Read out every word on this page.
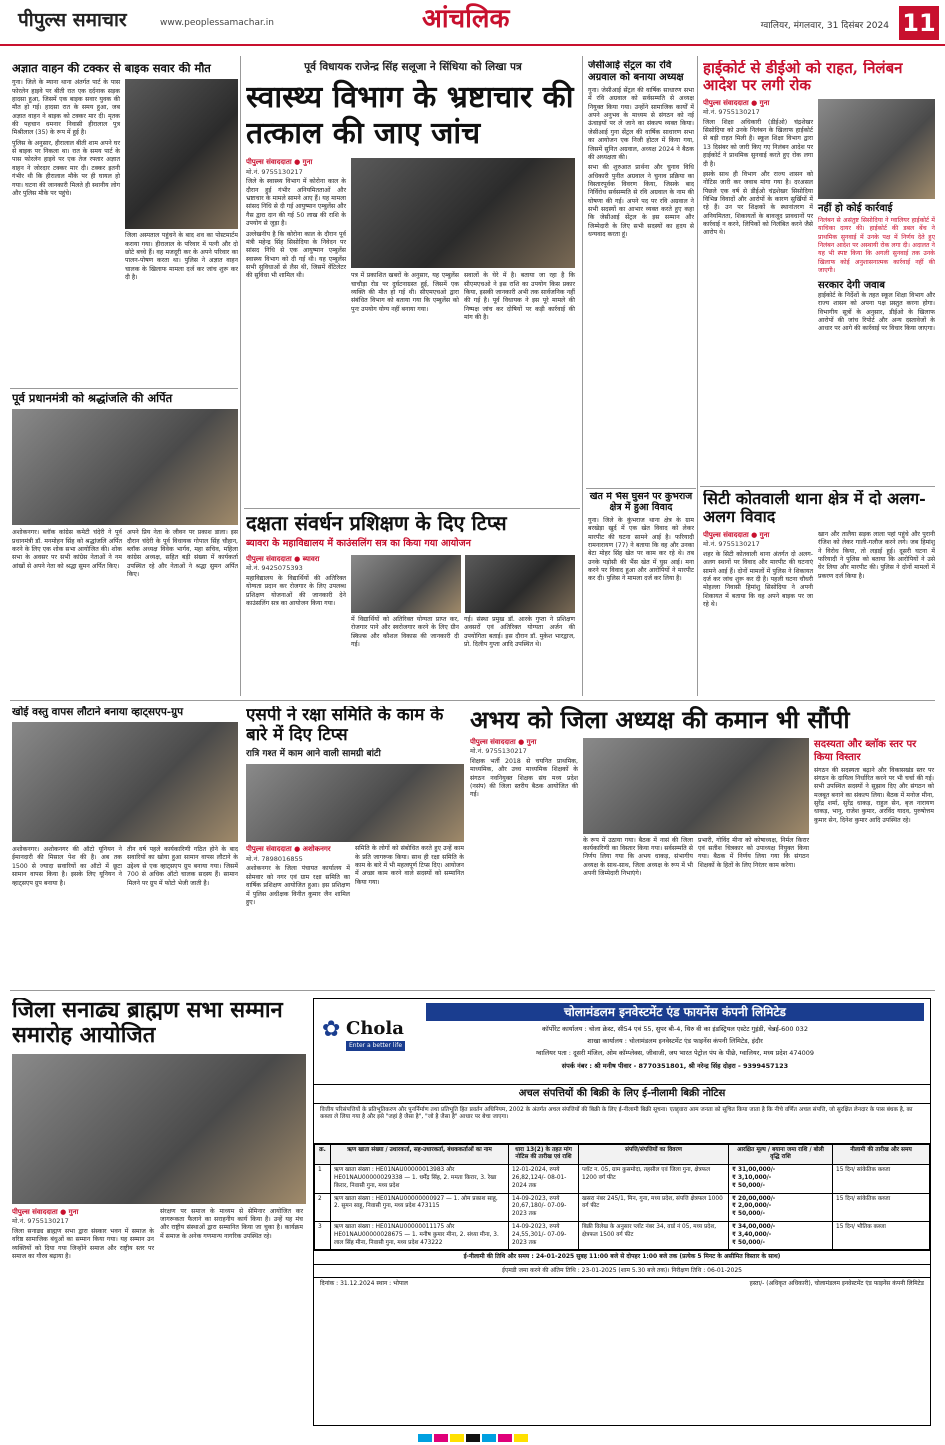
पीपुल्स समाचार	www.peoplessamachar.in	आंचलिक	ग्वालियर, मंगलवार, 31 दिसंबर 2024 11
अज्ञात वाहन की टक्कर से बाइक सवार की मौत
गुना। जिले के म्याना थाना अंतर्गत पार्ट के पास फोरलेन हाइवे पर बीती रात एक दर्दनाक सड़क हादसा हुआ, जिसमें एक बाइक सवार युवक की मौत हो गई। हादसा रात के समय हुआ, जब अज्ञात वाहन ने बाइक को टक्कर मार दी। मृतक की पहचान धमनार निवासी हीरालाल पुत्र मिश्रीलाल (35) के रूप में हुई है।
पुलिस के अनुसार, हीरालाल बीती शाम अपने घर से बाइक पर निकला था। रात के समय पार्ट के पास फोरलेन हाइवे पर एक तेज रफ्तार अज्ञात वाहन ने जोरदार टक्कर मार दी। टक्कर इतनी गंभीर थी कि हीरालाल मौके पर ही घायल हो गया। घटना की जानकारी मिलते ही स्थानीय लोग और पुलिस मौके पर पहुंचे।
जिला अस्पताल पहुंचने के बाद शव का पोस्टमार्टम कराया गया। हीरालाल के परिवार में पत्नी और दो छोटे बच्चे हैं। वह मजदूरी कर के अपने परिवार का पालन-पोषण करता था। पुलिस ने अज्ञात वाहन चालक के खिलाफ मामला दर्ज कर जांच शुरू कर दी है।
पूर्व प्रधानमंत्री को श्रद्धांजलि की अर्पित
अशोकनगर। ब्लॉक कांग्रेस कमेटी चंदेरी ने पूर्व प्रधानमंत्री डॉ. मनमोहन सिंह को श्रद्धांजलि अर्पित करने के लिए एक शोक सभा आयोजित की। शोक सभा के अवसर पर सभी कांग्रेस नेताओं ने नम आंखों से अपने नेता को श्रद्धा सुमन अर्पित किए।
अपने प्रिय नेता के जीवन पर प्रकाश डाला। इस दौरान चंदेरी के पूर्व विधायक गोपाल सिंह चौहान, ब्लॉक अध्यक्ष विवेक भार्गव, महा सचिव, महिला कांग्रेस अध्यक्ष, सहित बड़ी संख्या में कार्यकर्ता उपस्थित रहे और नेताओं ने श्रद्धा सुमन अर्पित किए।
पूर्व विधायक राजेन्द्र सिंह सलूजा ने सिंधिया को लिखा पत्र
स्वास्थ्य विभाग के भ्रष्टाचार की तत्काल की जाए जांच
पीपुल्स संवाददाता ● गुना
मो.नं. 9755130217
जिले के स्वास्थ्य विभाग में कोरोना काल के दौरान हुई गंभीर अनियमितताओं और भ्रष्टाचार के मामले सामने आए हैं। यह मामला सांसद निधि से दी गई आयुष्मान एम्बुलेंस और गैस द्वारा दान की गई 50 लाख की राशि के उपयोग से जुड़ा है।
उल्लेखनीय है कि कोरोना काल के दौरान पूर्व मंत्री महेन्द्र सिंह सिसोदिया के निवेदन पर सांसद निधि से एक आयुष्मान एम्बुलेंस स्वास्थ्य विभाग को दी गई थी। यह एम्बुलेंस सभी सुविधाओं से लैस थी, जिसमें वेंटिलेटर की सुविधा भी शामिल थी।	पत्र में प्रकाशित खबरों के अनुसार, यह एम्बुलेंस चाचौड़ा रोड पर दुर्घटनाग्रस्त हुई, जिसमें एक व्यक्ति की मौत हो गई थी। सीएमएचओ द्वारा संबंधित विभाग को बताया गया कि एम्बुलेंस को पुनः उपयोग योग्य नहीं बनाया गया।
सवालों के घेरे में है। बताया जा रहा है कि सीएमएचओ ने इस राशि का उपयोग किस प्रकार किया, इसकी जानकारी अभी तक सार्वजनिक नहीं की गई है। पूर्व विधायक ने इस पूरे मामले की निष्पक्ष जांच कर दोषियों पर कड़ी कार्रवाई की मांग की है।
जेसीआई सेंट्रल का रवि अग्रवाल को बनाया अध्यक्ष
गुना। जेसीआई सेंट्रल की वार्षिक साधारण सभा में रवि अग्रवाल को सर्वसम्मति से अध्यक्ष नियुक्त किया गया। उन्होंने सामाजिक कार्यों में अपने अनुभव के माध्यम से संगठन को नई ऊंचाइयों पर ले जाने का संकल्प व्यक्त किया। जेसीआई गुना सेंट्रल की वार्षिक साधारण सभा का आयोजन एक निजी होटल में किया गया, जिसमें सुनित अग्रवाल, अध्यक्ष 2024 ने बैठक की अध्यक्षता की।
सभा की शुरुआत प्रार्थना और चुनाव विधि अधिकारी पुनीत अग्रवाल ने चुनाव प्रक्रिया का विस्तारपूर्वक विवरण किया, जिसके बाद निर्विरोध सर्वसम्मति से रवि अग्रवाल के नाम की घोषणा की गई। अपने पद पर रवि अग्रवाल ने सभी सदस्यों का आभार व्यक्त करते हुए कहा कि जेसीआई सेंट्रल के इस सम्मान और जिम्मेदारी के लिए सभी सदस्यों का हृदय से धन्यवाद करता हूं।
हाईकोर्ट से डीईओ को राहत, निलंबन आदेश पर लगी रोक
पीपुल्स संवाददाता ● गुना
मो.नं. 9755130217
जिला शिक्षा अधिकारी (डीईओ) चंद्रशेखर सिसोदिया को उनके निलंबन के खिलाफ हाईकोर्ट से बड़ी राहत मिली है। स्कूल शिक्षा विभाग द्वारा 13 दिसंबर को जारी किए गए निलंबन आदेश पर हाईकोर्ट ने प्राथमिक सुनवाई करते हुए रोक लगा दी है।
इसके साथ ही विभाग और राज्य शासन को नोटिस जारी कर जवाब मांगा गया है। दरअसल पिछले एक वर्ष से डीईओ चंद्रशेखर सिसोदिया विभिन्न विवादों और आरोपों के कारण सुर्खियों में रहे हैं। उन पर शिक्षकों के स्थानांतरण में अनियमितता, शिकायतों के बावजूद प्रावधानों पर कार्रवाई न करने, लिपिकों को निलंबित करने जैसे आरोप थे।
नहीं हो कोई कार्रवाई
निलंबन से असंतुष्ट सिसोदिया ने ग्वालियर हाईकोर्ट में याचिका दायर की। हाईकोर्ट की डबल बेंच ने प्राथमिक सुनवाई में उनके पक्ष में निर्णय देते हुए निलंबन आदेश पर अस्थायी रोक लगा दी। अदालत ने यह भी स्पष्ट किया कि अगली सुनवाई तक उनके खिलाफ कोई अनुशासनात्मक कार्रवाई नहीं की जाएगी।
सरकार देगी जवाब
हाईकोर्ट के निर्देशों के तहत स्कूल शिक्षा विभाग और राज्य शासन को अपना पक्ष प्रस्तुत करना होगा। विभागीय सूत्रों के अनुसार, डीईओ के खिलाफ आरोपों की जांच रिपोर्ट और अन्य दस्तावेजों के आधार पर आगे की कार्रवाई पर विचार किया जाएगा।
दक्षता संवर्धन प्रशिक्षण के दिए टिप्स
ब्यावरा के महाविद्यालय में काउंसलिंग सत्र का किया गया आयोजन
पीपुल्स संवाददाता ● ब्यावरा
मो.नं. 9425075393
महाविद्यालय के विद्यार्थियों की अतिरिक्त योग्यता प्रदान कर रोजगार के लिए उपलब्ध प्रशिक्षण योजनाओं की जानकारी देने काउंसलिंग सत्र का आयोजन किया गया।
में विद्यार्थियों को अतिरिक्त योग्यता प्राप्त कर, रोजगार पाने और स्वरोजगार करने के लिए ग्रीन स्किल्स और कौशल विकास की जानकारी दी गई।
गई। संस्था प्रमुख डॉ. आरके गुप्ता ने प्रशिक्षण अवसरों एवं अतिरिक्त योग्यता अर्जन की उपयोगिता बताई। इस दौरान डॉ. मुकेश भारद्वाज, प्रो. दिलीप गुप्ता आदि उपस्थित थे।
खेत में भैंस घुसने पर कुंभराज क्षेत्र में हुआ विवाद
गुना। जिले के कुंभराज थाना क्षेत्र के ग्राम बरखेड़ा खुर्द में एक खेत विवाद को लेकर मारपीट की घटना सामने आई है। फरियादी रामनारायण (77) ने बताया कि वह और उनका बेटा मोहर सिंह खेत पर काम कर रहे थे। तब उनके पड़ोसी की भैंस खेत में घुस आई। मना करने पर विवाद हुआ और आरोपियों ने मारपीट कर दी। पुलिस ने मामला दर्ज कर लिया है।
सिटी कोतवाली थाना क्षेत्र में दो अलग-अलग विवाद
पीपुल्स संवाददाता ● गुना
मो.नं. 9755130217
शहर के सिटी कोतवाली थाना अंतर्गत दो अलग-अलग स्थानों पर विवाद और मारपीट की घटनाएं सामने आई हैं। दोनों मामलों में पुलिस ने शिकायत दर्ज कर जांच शुरू कर दी है। पहली घटना चौधरी मोहल्ला निवासी हिमांशु सिसोदिया ने अपनी शिकायत में बताया कि वह अपने बाइक पर जा रहे थे।
खान और तालैया सड़क लाला पहां पहुंचे और पुरानी रंजिश को लेकर गाली-गलौज करने लगे। जब हिमांशु ने विरोध किया, तो लड़ाई हुई। दूसरी घटना में फरियादी ने पुलिस को बताया कि आरोपियों ने उसे घेर लिया और मारपीट की। पुलिस ने दोनों मामलों में प्रकरण दर्ज किया है।
खोई वस्तु वापस लौटाने बनाया व्हाट्सएप-ग्रुप
अशोकनगर। अशोकनगर की ऑटो यूनियन ने ईमानदारी की मिसाल पेश की है। अब तक 1500 से ज्यादा सवारियों का ऑटो में छूटा सामान वापस किया है। इसके लिए यूनियन ने व्हाट्सएप ग्रुप बनाया है।
तीन वर्ष पहले कार्यकारिणी गठित होने के बाद सवारियों का खोया हुआ सामान वापस लौटाने के उद्देश्य से एक व्हाट्सएप ग्रुप बनाया गया। जिसमें 700 से अधिक ऑटो चालक सदस्य हैं। सामान मिलने पर ग्रुप में फोटो भेजी जाती है।
एसपी ने रक्षा समिति के काम के बारे में दिए टिप्स
रात्रि गश्त में काम आने वाली सामग्री बांटी
पीपुल्स संवाददाता ● अशोकनगर
मो.नं. 7898016855
अशोकनगर के जिला पंचायत कार्यालय में सोमवार को नगर एवं ग्राम रक्षा समिति का वार्षिक प्रशिक्षण आयोजित हुआ। इस प्रशिक्षण में पुलिस अधीक्षक विनीत कुमार जैन शामिल हुए।
समिति के लोगों को संबोधित करते हुए उन्हें काम के प्रति जागरूक किया। साथ ही रक्षा समिति के काम के बारे में भी महत्वपूर्ण टिप्स दिए। आयोजन में अच्छा काम करने वाले सदस्यों को सम्मानित किया गया।
अभय को जिला अध्यक्ष की कमान भी सौंपी
पीपुल्स संवाददाता ● गुना
मो.नं. 9755130217
शिक्षक भर्ती 2018 से चयनित प्राथमिक, माध्यमिक, और उच्च माध्यमिक शिक्षकों के संगठन नवनियुक्त शिक्षक संघ मध्य प्रदेश (नसंप) की जिला स्तरीय बैठक आयोजित की गई।
के रूप में उठाया गया। बैठक में नासं की जिला कार्यकारिणी का विस्तार किया गया। सर्वसम्मति से निर्णय लिया गया कि अभय धाकड़, संभागीय अध्यक्ष के साथ-साथ, जिला अध्यक्ष के रूप में भी अपनी जिम्मेदारी निभाएंगे।
प्रभारी, गोविंद मीना को कोषाध्यक्ष, निर्मल किरार एवं सतीश चित्रकार को उपाध्यक्ष नियुक्त किया गया। बैठक में निर्णय लिया गया कि संगठन शिक्षकों के हितों के लिए निरंतर काम करेगा।
सदस्यता और ब्लॉक स्तर पर किया विस्तार
संगठन की सदस्यता बढ़ाने और विकासखंड स्तर पर संगठन के दायित्व निर्धारित करने पर भी चर्चा की गई। सभी उपस्थित सदस्यों ने सुझाव दिए और संगठन को मजबूत बनाने का संकल्प लिया। बैठक में मनोज मीना, सुरेंद्र शर्मा, सुरेंद्र धाकड़, राहुल सेन, बृज नारायण धाकड़, भानु, राजेश कुमार, अरविंद यादव, पुरुषोत्तम कुमार सेन, दिनेश कुमार आदि उपस्थित रहे।
जिला सनाढ्य ब्राह्मण सभा सम्मान समारोह आयोजित
पीपुल्स संवाददाता ● गुना
मो.नं. 9755130217
जिला सनाढ्य ब्राह्मण सभा द्वारा संस्कार भवन में समाज के वरिष्ठ सामाजिक बंधुओं का सम्मान किया गया। यह सम्मान उन व्यक्तियों को दिया गया जिन्होंने समाज और राष्ट्रीय स्तर पर समाज का गौरव बढ़ाया है।
संरक्षण पर समाज के माध्यम से सेमिनार आयोजित कर जागरूकता फैलाने का सराहनीय कार्य किया है। उन्हें यह मंच और राष्ट्रीय संस्थाओं द्वारा सम्मानित किया जा चुका है। कार्यक्रम में समाज के अनेक गणमान्य नागरिक उपस्थित रहे।
✿ Chola
Enter a better life
चोलामंडलम इनवेस्टमेंट एंड फायनेंस कंपनी लिमिटेड
कॉर्पोरेट कार्यालय : चोला क्रेस्ट, सी54 एवं 55, सुपर बी-4, थिरु वी का इंडस्ट्रियल एस्टेट गुइंडी, चेन्नई-600 032
शाखा कार्यालय : चोलामंडलम इनवेस्टमेंट एंड फाइनेंस कंपनी लिमिटेड, इंदौर
ग्वालियर पता : दूसरी मंजिल, ओम कॉम्प्लेक्स, जीवाजी, जय भारत पेट्रोल पंप के पीछे, ग्वालियर, मध्य प्रदेश 474009
संपर्क नंबर : श्री मनीष पीवार - 8770351801, श्री नरेन्द्र सिंह दोहरा - 9399457123
अचल संपत्तियों की बिक्री के लिए ई-नीलामी बिक्री नोटिस
वित्तीय परिसंपत्तियों के प्रतिभूतिकरण और पुनर्निर्माण तथा प्रतिभूति हित प्रवर्तन अधिनियम, 2002 के अंतर्गत अचल संपत्तियों की बिक्री के लिए ई-नीलामी बिक्री सूचना। एतद्द्वारा आम जनता को सूचित किया जाता है कि नीचे वर्णित अचल संपत्ति, जो सुरक्षित लेनदार के पास बंधक है, का कब्जा ले लिया गया है और इसे "जहां है जैसा है", "जो है जैसा है" आधार पर बेचा जाएगा।
क्र.	ऋण खाता संख्या / उधारकर्ता, सह-उधारकर्ता, बंधककर्ताओं का नाम	धारा 13(2) के तहत मांग नोटिस की तारीख एवं राशि	संपत्ति/संपत्तियों का विवरण	आरक्षित मूल्य / बयाना जमा राशि / बोली वृद्धि राशि	नीलामी की तारीख और समय
1	ऋण खाता संख्या : HE01NAU00000013983 और HE01NAU00000029338 — 1. धर्मेंद्र सिंह, 2. ममता किरार, 3. रेखा किरार, निवासी गुना, मध्य प्रदेश	12-01-2024, रुपये 26,82,124/- 08-01-2024 तक	प्लॉट न. 05, ग्राम कुसमोदा, तहसील एवं जिला गुना, क्षेत्रफल 1200 वर्ग फीट	₹ 31,00,000/-
₹ 3,10,000/-
₹ 50,000/-	15 दिन/ सांकेतिक कब्जा
2	ऋण खाता संख्या : HE01NAU00000000927 — 1. ओम प्रकाश साहू, 2. सुमन साहू, निवासी गुना, मध्य प्रदेश 473115	14-09-2023, रुपये 20,67,180/- 07-09-2023 तक	खसरा नंबर 245/1, मिन, गुना, मध्य प्रदेश, संपत्ति क्षेत्रफल 1000 वर्ग फीट	₹ 20,00,000/-
₹ 2,00,000/-
₹ 50,000/-	15 दिन/ सांकेतिक कब्जा
3	ऋण खाता संख्या : HE01NAU00000011175 और HE01NAU00000028675 — 1. मनीष कुमार मीना, 2. संध्या मीना, 3. लाल सिंह मीना, निवासी गुना, मध्य प्रदेश 473222	14-09-2023, रुपये 24,55,301/- 07-09-2023 तक	बिक्री विलेख के अनुसार प्लॉट नंबर 34, वार्ड नं 05, मध्य प्रदेश, क्षेत्रफल 1500 वर्ग फीट	₹ 34,00,000/-
₹ 3,40,000/-
₹ 50,000/-	15 दिन/ भौतिक कब्जा
ई-नीलामी की तिथि और समय : 24-01-2025 सुबह 11:00 बजे से दोपहर 1:00 बजे तक (प्रत्येक 5 मिनट के असीमित विस्तार के साथ)
ईएमडी जमा करने की अंतिम तिथि : 23-01-2025 (शाम 5.30 बजे तक)। निरीक्षण तिथि : 06-01-2025
दिनांक : 31.12.2024 स्थान : भोपाल	हस्ता/- (अधिकृत अधिकारी), चोलामंडलम इनवेस्टमेंट एंड फाइनेंस कंपनी लिमिटेड
